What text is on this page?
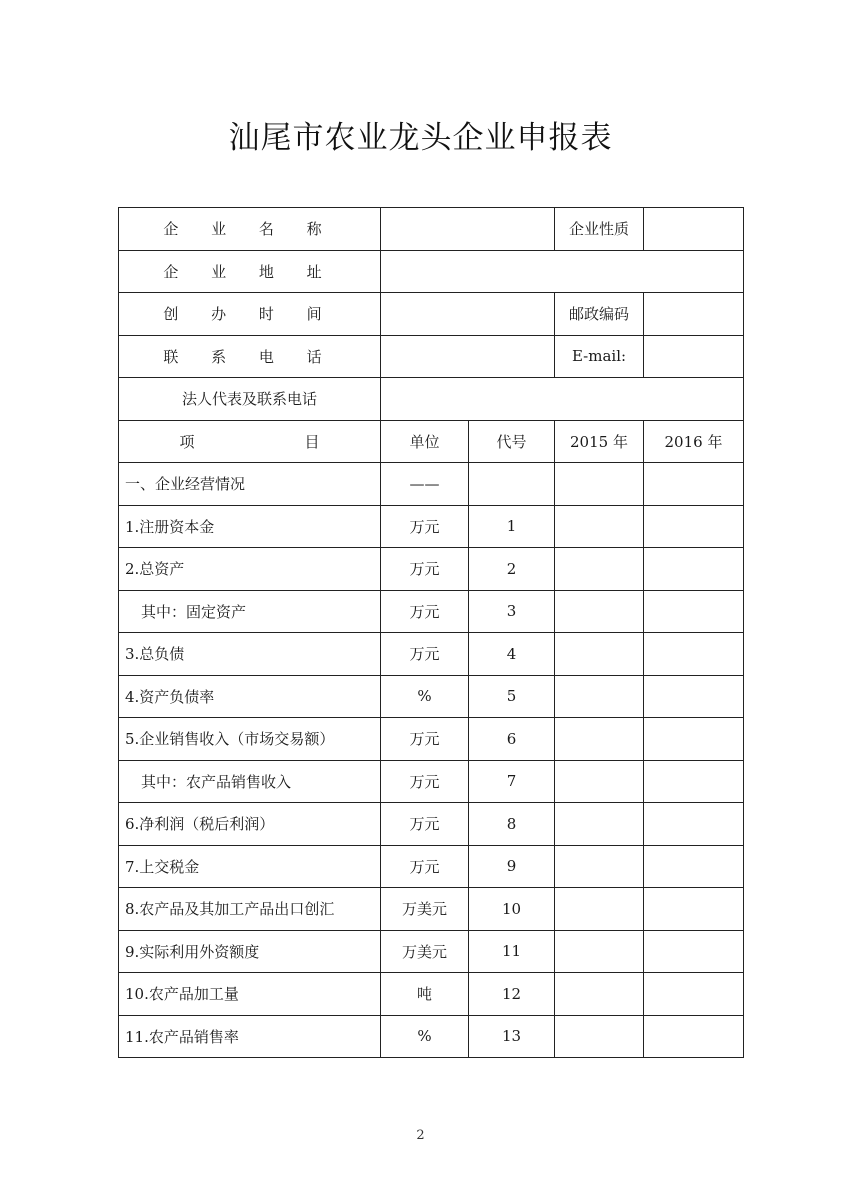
汕尾市农业龙头企业申报表
企 业 名 称			企业性质	
企 业 地 址				
创 办 时 间			邮政编码	
联 系 电 话			E-mail:	
法人代表及联系电话				
项 目	单位	代号	2015 年	2016 年
一、企业经营情况	——			
1.注册资本金	万元	1		
2.总资产	万元	2		
其中：固定资产	万元	3		
3.总负债	万元	4		
4.资产负债率	%	5		
5.企业销售收入（市场交易额）	万元	6		
其中：农产品销售收入	万元	7		
6.净利润（税后利润）	万元	8		
7.上交税金	万元	9		
8.农产品及其加工产品出口创汇	万美元	10		
9.实际利用外资额度	万美元	11		
10.农产品加工量	吨	12		
11.农产品销售率	%	13		
2
